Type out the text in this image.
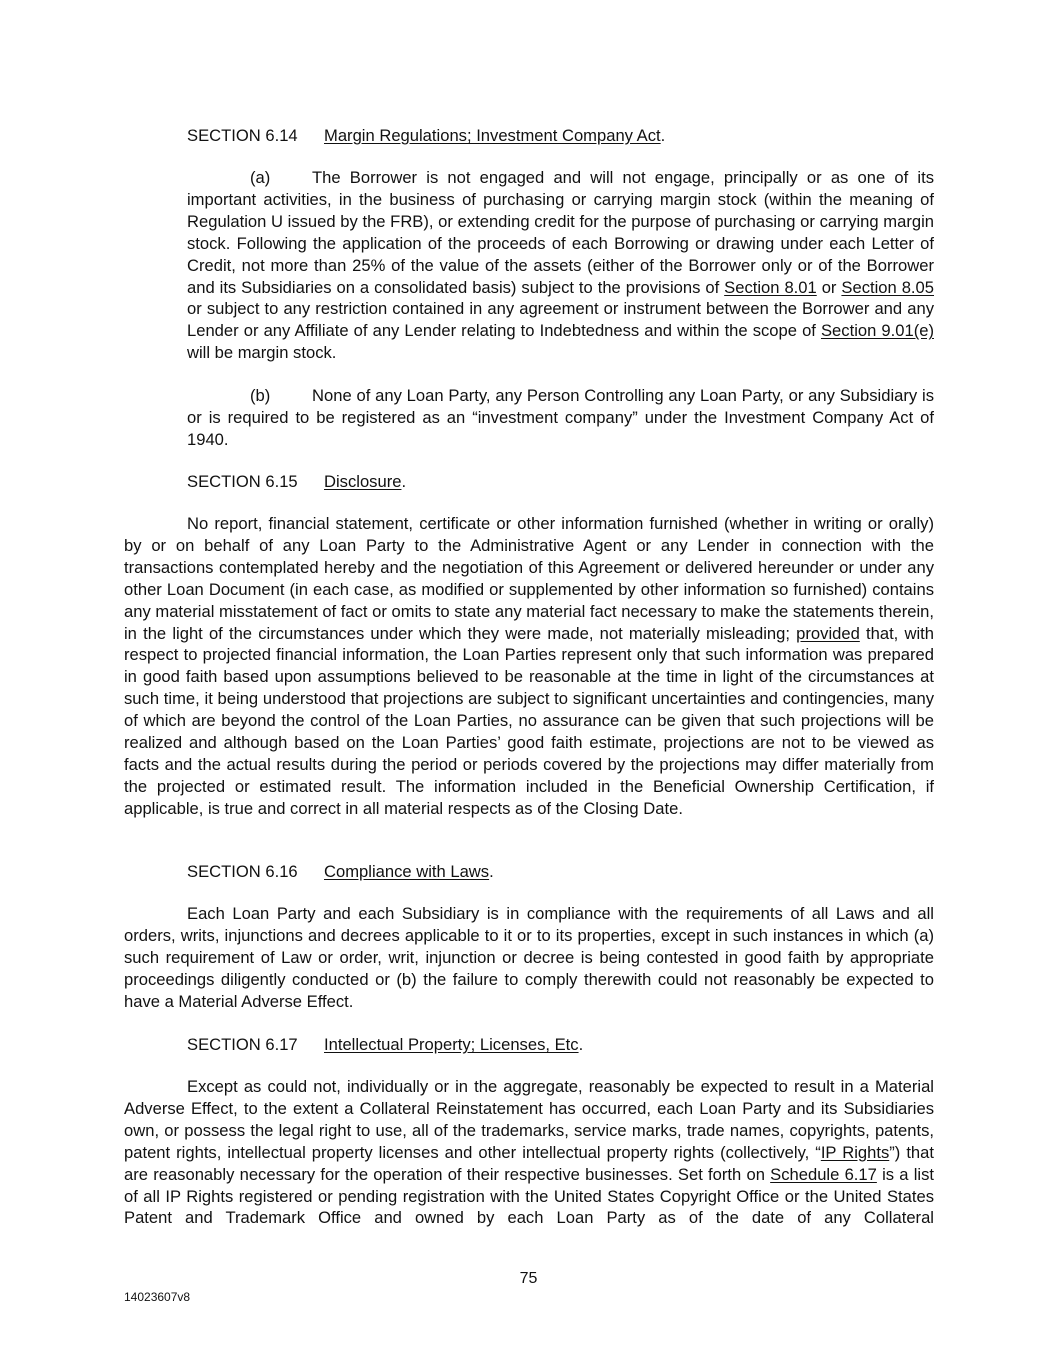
SECTION 6.14 Margin Regulations; Investment Company Act.
(a)	The Borrower is not engaged and will not engage, principally or as one of its important activities, in the business of purchasing or carrying margin stock (within the meaning of Regulation U issued by the FRB), or extending credit for the purpose of purchasing or carrying margin stock. Following the application of the proceeds of each Borrowing or drawing under each Letter of Credit, not more than 25% of the value of the assets (either of the Borrower only or of the Borrower and its Subsidiaries on a consolidated basis) subject to the provisions of Section 8.01 or Section 8.05 or subject to any restriction contained in any agreement or instrument between the Borrower and any Lender or any Affiliate of any Lender relating to Indebtedness and within the scope of Section 9.01(e) will be margin stock.
(b)	None of any Loan Party, any Person Controlling any Loan Party, or any Subsidiary is or is required to be registered as an “investment company” under the Investment Company Act of 1940.
SECTION 6.15 Disclosure.
No report, financial statement, certificate or other information furnished (whether in writing or orally) by or on behalf of any Loan Party to the Administrative Agent or any Lender in connection with the transactions contemplated hereby and the negotiation of this Agreement or delivered hereunder or under any other Loan Document (in each case, as modified or supplemented by other information so furnished) contains any material misstatement of fact or omits to state any material fact necessary to make the statements therein, in the light of the circumstances under which they were made, not materially misleading; provided that, with respect to projected financial information, the Loan Parties represent only that such information was prepared in good faith based upon assumptions believed to be reasonable at the time in light of the circumstances at such time, it being understood that projections are subject to significant uncertainties and contingencies, many of which are beyond the control of the Loan Parties, no assurance can be given that such projections will be realized and although based on the Loan Parties’ good faith estimate, projections are not to be viewed as facts and the actual results during the period or periods covered by the projections may differ materially from the projected or estimated result. The information included in the Beneficial Ownership Certification, if applicable, is true and correct in all material respects as of the Closing Date.
SECTION 6.16 Compliance with Laws.
Each Loan Party and each Subsidiary is in compliance with the requirements of all Laws and all orders, writs, injunctions and decrees applicable to it or to its properties, except in such instances in which (a) such requirement of Law or order, writ, injunction or decree is being contested in good faith by appropriate proceedings diligently conducted or (b) the failure to comply therewith could not reasonably be expected to have a Material Adverse Effect.
SECTION 6.17 Intellectual Property; Licenses, Etc.
Except as could not, individually or in the aggregate, reasonably be expected to result in a Material Adverse Effect, to the extent a Collateral Reinstatement has occurred, each Loan Party and its Subsidiaries own, or possess the legal right to use, all of the trademarks, service marks, trade names, copyrights, patents, patent rights, intellectual property licenses and other intellectual property rights (collectively, “IP Rights”) that are reasonably necessary for the operation of their respective businesses. Set forth on Schedule 6.17 is a list of all IP Rights registered or pending registration with the United States Copyright Office or the United States Patent and Trademark Office and owned by each Loan Party as of the date of any Collateral
75
14023607v8
